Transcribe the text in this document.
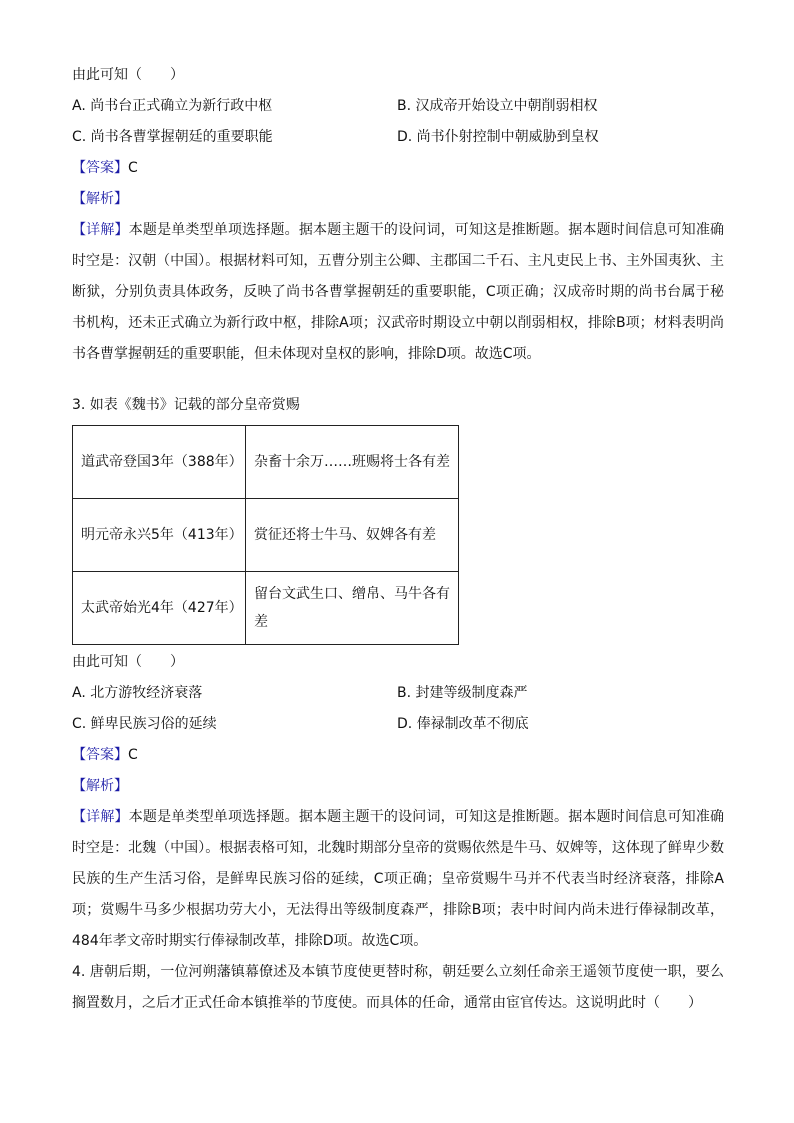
由此可知（　　）
A. 尚书台正式确立为新行政中枢	B. 汉成帝开始设立中朝削弱相权
C. 尚书各曹掌握朝廷的重要职能	D. 尚书仆射控制中朝威胁到皇权
【答案】C
【解析】
【详解】本题是单类型单项选择题。据本题主题干的设问词，可知这是推断题。据本题时间信息可知准确时空是：汉朝（中国）。根据材料可知，五曹分别主公卿、主郡国二千石、主凡吏民上书、主外国夷狄、主断狱，分别负责具体政务，反映了尚书各曹掌握朝廷的重要职能，C项正确；汉成帝时期的尚书台属于秘书机构，还未正式确立为新行政中枢，排除A项；汉武帝时期设立中朝以削弱相权，排除B项；材料表明尚书各曹掌握朝廷的重要职能，但未体现对皇权的影响，排除D项。故选C项。
3. 如表《魏书》记载的部分皇帝赏赐
道武帝登国3年（388年）	杂畜十余万……班赐将士各有差
明元帝永兴5年（413年）	赏征还将士牛马、奴婢各有差
太武帝始光4年（427年）	留台文武生口、缯帛、马牛各有差
由此可知（　　）
A. 北方游牧经济衰落	B. 封建等级制度森严
C. 鲜卑民族习俗的延续	D. 俸禄制改革不彻底
【答案】C
【解析】
【详解】本题是单类型单项选择题。据本题主题干的设问词，可知这是推断题。据本题时间信息可知准确时空是：北魏（中国）。根据表格可知，北魏时期部分皇帝的赏赐依然是牛马、奴婢等，这体现了鲜卑少数民族的生产生活习俗，是鲜卑民族习俗的延续，C项正确；皇帝赏赐牛马并不代表当时经济衰落，排除A项；赏赐牛马多少根据功劳大小，无法得出等级制度森严，排除B项；表中时间内尚未进行俸禄制改革，484年孝文帝时期实行俸禄制改革，排除D项。故选C项。
4. 唐朝后期，一位河朔藩镇幕僚述及本镇节度使更替时称，朝廷要么立刻任命亲王遥领节度使一职，要么搁置数月，之后才正式任命本镇推举的节度使。而具体的任命，通常由宦官传达。这说明此时（　　）
